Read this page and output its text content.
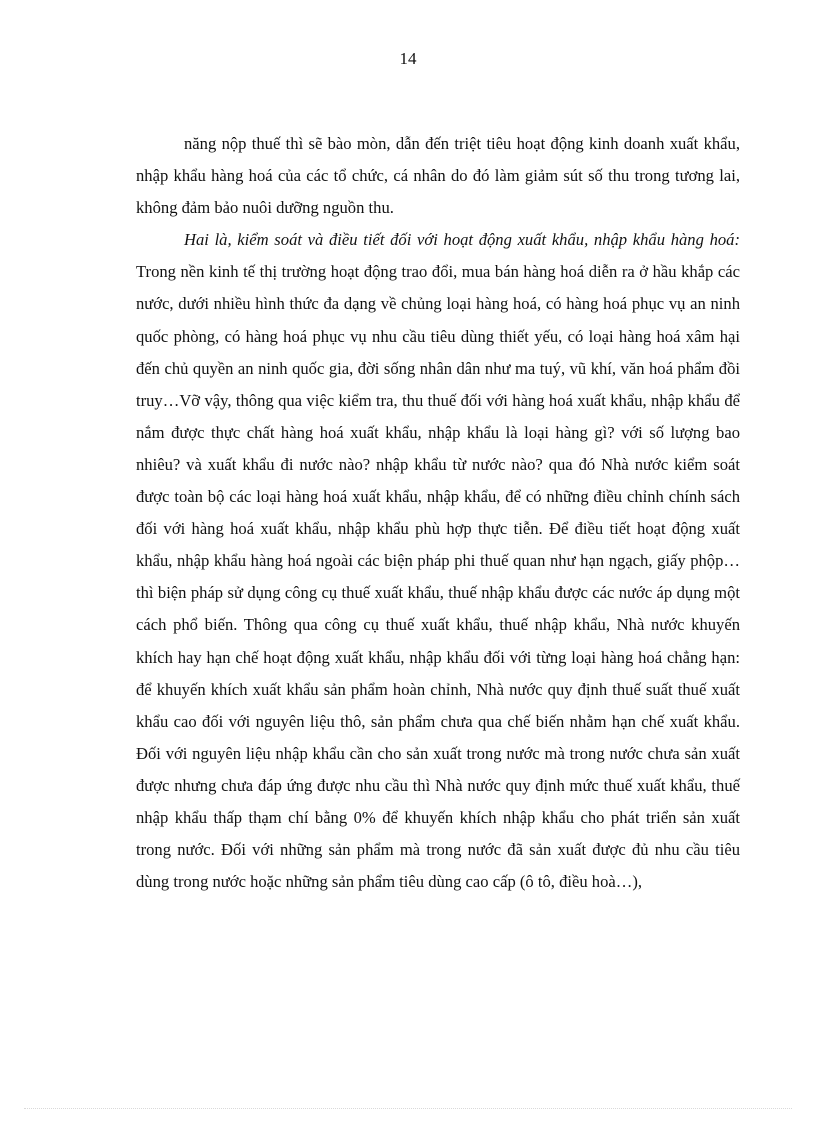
14

năng nộp thuế thì sẽ bào mòn, dẫn đến triệt tiêu hoạt động kinh doanh xuất khẩu, nhập khẩu hàng hoá của các tổ chức, cá nhân do đó làm giảm sút số thu trong tương lai, không đảm bảo nuôi dưỡng nguồn thu.

Hai là, kiểm soát và điều tiết đối với hoạt động xuất khẩu, nhập khẩu hàng hoá: Trong nền kinh tế thị trường hoạt động trao đổi, mua bán hàng hoá diễn ra ở hầu khắp các nước, dưới nhiều hình thức đa dạng về chủng loại hàng hoá, có hàng hoá phục vụ an ninh quốc phòng, có hàng hoá phục vụ nhu cầu tiêu dùng thiết yếu, có loại hàng hoá xâm hại đến chủ quyền an ninh quốc gia, đời sống nhân dân như ma tuý, vũ khí, văn hoá phẩm đồi truy…Vỡ vậy, thông qua việc kiểm tra, thu thuế đối với hàng hoá xuất khẩu, nhập khẩu để nắm được thực chất hàng hoá xuất khẩu, nhập khẩu là loại hàng gì? với số lượng bao nhiêu? và xuất khẩu đi nước nào? nhập khẩu từ nước nào? qua đó Nhà nước kiểm soát được toàn bộ các loại hàng hoá xuất khẩu, nhập khẩu, để có những điều chỉnh chính sách đối với hàng hoá xuất khẩu, nhập khẩu phù hợp thực tiễn. Để điều tiết hoạt động xuất khẩu, nhập khẩu hàng hoá ngoài các biện pháp phi thuế quan như hạn ngạch, giấy phộp… thì biện pháp sử dụng công cụ thuế xuất khẩu, thuế nhập khẩu được các nước áp dụng một cách phổ biến. Thông qua công cụ thuế xuất khẩu, thuế nhập khẩu, Nhà nước khuyến khích hay hạn chế hoạt động xuất khẩu, nhập khẩu đối với từng loại hàng hoá chẳng hạn: để khuyến khích xuất khẩu sản phẩm hoàn chỉnh, Nhà nước quy định thuế suất thuế xuất khẩu cao đối với nguyên liệu thô, sản phẩm chưa qua chế biến nhằm hạn chế xuất khẩu. Đối với nguyên liệu nhập khẩu cần cho sản xuất trong nước mà trong nước chưa sản xuất được nhưng chưa đáp ứng được nhu cầu thì Nhà nước quy định mức thuế xuất khẩu, thuế nhập khẩu thấp thạm chí bằng 0% để khuyến khích nhập khẩu cho phát triển sản xuất trong nước. Đối với những sản phẩm mà trong nước đã sản xuất được đủ nhu cầu tiêu dùng trong nước hoặc những sản phẩm tiêu dùng cao cấp (ô tô, điều hoà…),
